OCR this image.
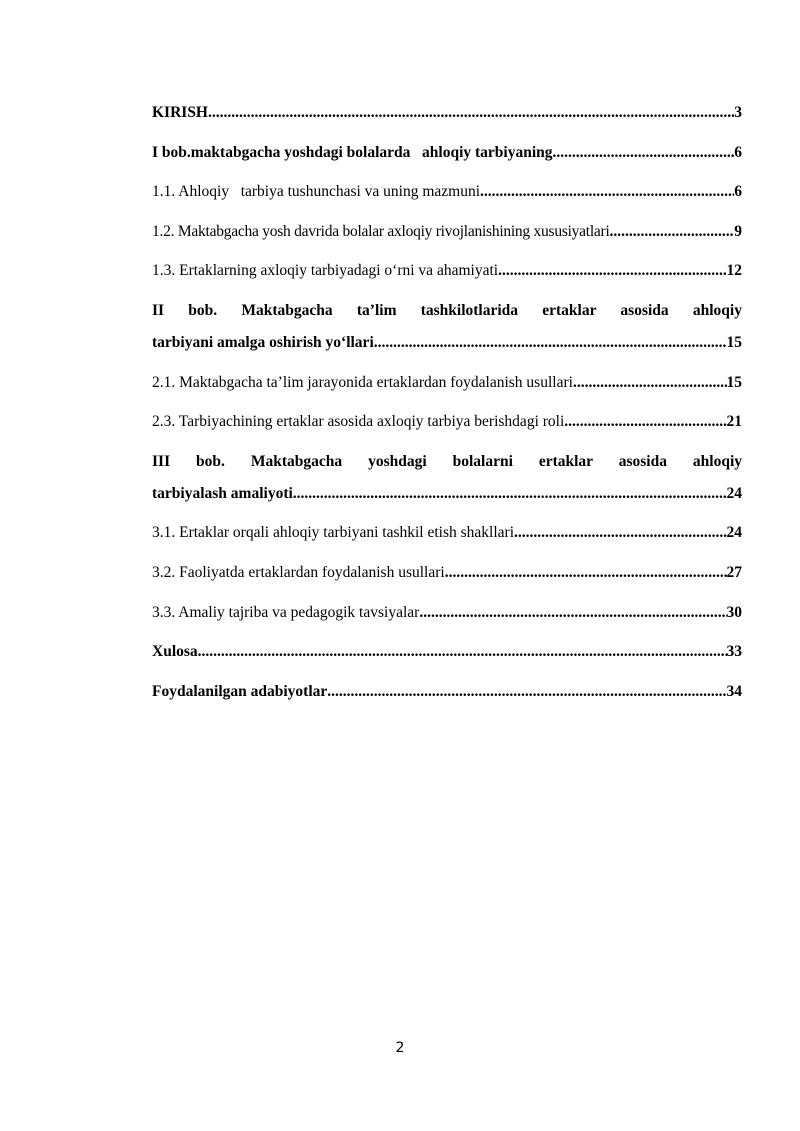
KIRISH .....	3
I bob.maktabgacha yoshdagi bolalarda   ahloqiy tarbiyaning .....	6
1.1. Ahloqiy   tarbiya tushunchasi va uning mazmuni .....	6
1.2. Maktabgacha yosh davrida bolalar axloqiy rivojlanishining xususiyatlari .....	9
1.3. Ertaklarning axloqiy tarbiyadagi o‘rni va ahamiyati .....	12
II bob. Maktabgacha ta’lim tashkilotlarida ertaklar asosida ahloqiy
tarbiyani amalga oshirish yo‘llari .....	15
2.1. Maktabgacha ta’lim jarayonida ertaklardan foydalanish usullari .....	15
2.3. Tarbiyachining ertaklar asosida axloqiy tarbiya berishdagi roli .....	21
III bob. Maktabgacha yoshdagi bolalarni ertaklar asosida ahloqiy
tarbiyalash amaliyoti .....	24
3.1. Ertaklar orqali ahloqiy tarbiyani tashkil etish shakllari .....	24
3.2. Faoliyatda ertaklardan foydalanish usullari .....	27
3.3. Amaliy tajriba va pedagogik tavsiyalar .....	30
Xulosa .....	33
Foydalanilgan adabiyotlar .....	34
2
